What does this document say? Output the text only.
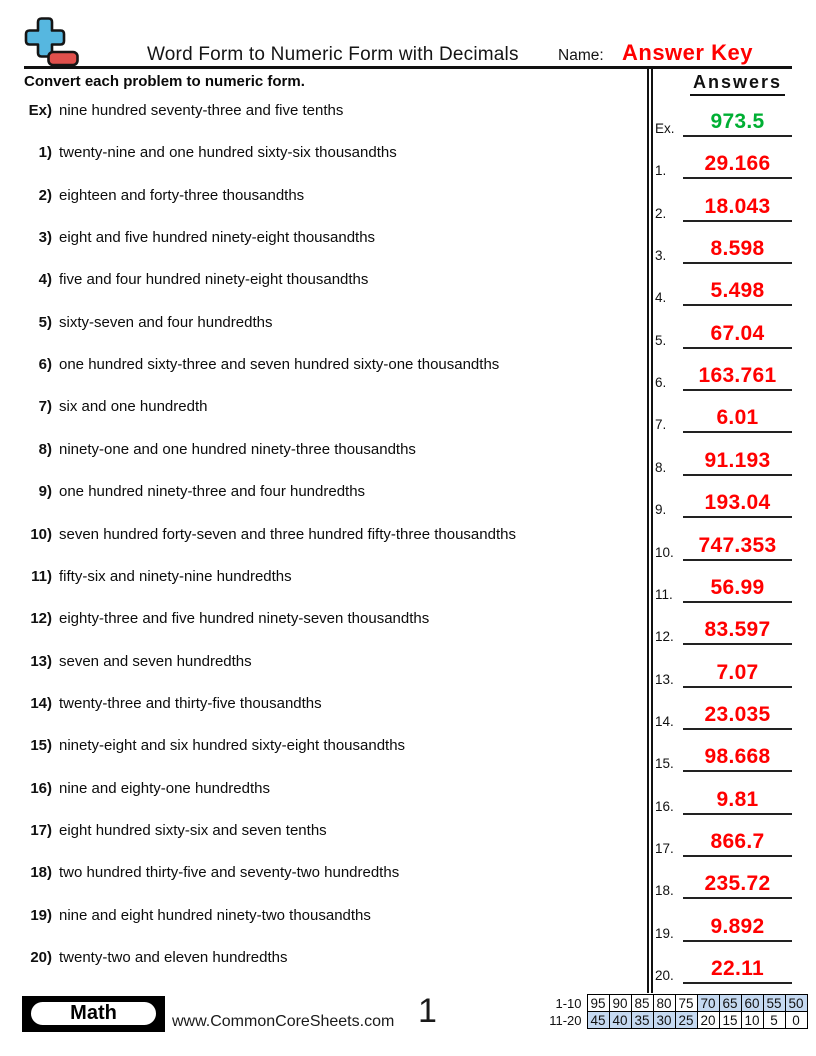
Word Form to Numeric Form with Decimals	Name: Answer Key
Convert each problem to numeric form.	Answers
Ex) nine hundred seventy-three and five tenths
1) twenty-nine and one hundred sixty-six thousandths
2) eighteen and forty-three thousandths
3) eight and five hundred ninety-eight thousandths
4) five and four hundred ninety-eight thousandths
5) sixty-seven and four hundredths
6) one hundred sixty-three and seven hundred sixty-one thousandths
7) six and one hundredth
8) ninety-one and one hundred ninety-three thousandths
9) one hundred ninety-three and four hundredths
10) seven hundred forty-seven and three hundred fifty-three thousandths
11) fifty-six and ninety-nine hundredths
12) eighty-three and five hundred ninety-seven thousandths
13) seven and seven hundredths
14) twenty-three and thirty-five thousandths
15) ninety-eight and six hundred sixty-eight thousandths
16) nine and eighty-one hundredths
17) eight hundred sixty-six and seven tenths
18) two hundred thirty-five and seventy-two hundredths
19) nine and eight hundred ninety-two thousandths
20) twenty-two and eleven hundredths
Ex.	973.5
1.	29.166
2.	18.043
3.	8.598
4.	5.498
5.	67.04
6.	163.761
7.	6.01
8.	91.193
9.	193.04
10.	747.353
11.	56.99
12.	83.597
13.	7.07
14.	23.035
15.	98.668
16.	9.81
17.	866.7
18.	235.72
19.	9.892
20.	22.11
Math	www.CommonCoreSheets.com 1	1-10	95	90	85	80	75	70	65	60	55	50
11-20	45	40	35	30	25	20	15	10	5	0
